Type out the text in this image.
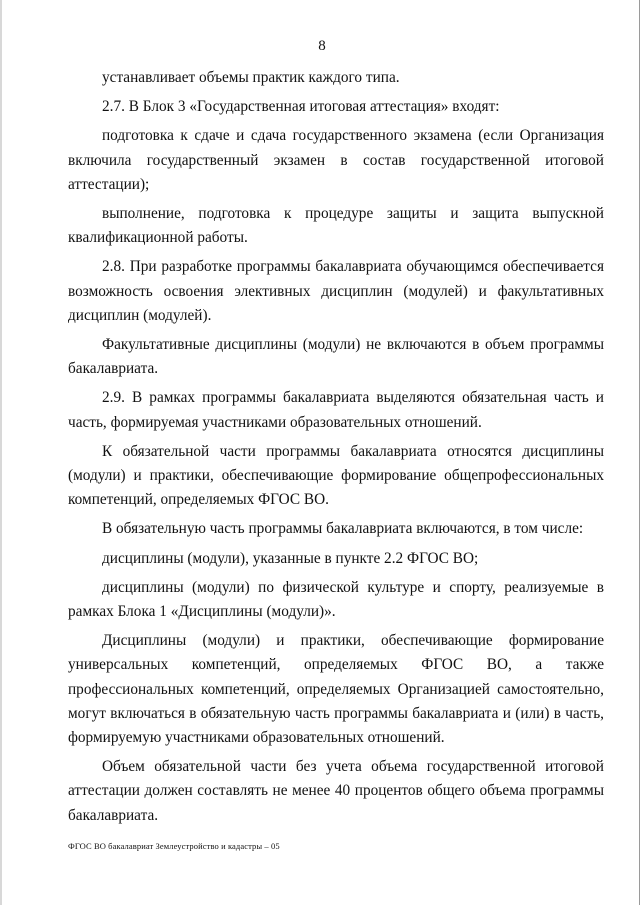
8

устанавливает объемы практик каждого типа.

2.7. В Блок 3 «Государственная итоговая аттестация» входят:

подготовка к сдаче и сдача государственного экзамена (если Организация включила государственный экзамен в состав государственной итоговой аттестации);

выполнение, подготовка к процедуре защиты и защита выпускной квалификационной работы.

2.8. При разработке программы бакалавриата обучающимся обеспечивается возможность освоения элективных дисциплин (модулей) и факультативных дисциплин (модулей).

Факультативные дисциплины (модули) не включаются в объем программы бакалавриата.

2.9. В рамках программы бакалавриата выделяются обязательная часть и часть, формируемая участниками образовательных отношений.

К обязательной части программы бакалавриата относятся дисциплины (модули) и практики, обеспечивающие формирование общепрофессиональных компетенций, определяемых ФГОС ВО.

В обязательную часть программы бакалавриата включаются, в том числе:

дисциплины (модули), указанные в пункте 2.2 ФГОС ВО;

дисциплины (модули) по физической культуре и спорту, реализуемые в рамках Блока 1 «Дисциплины (модули)».

Дисциплины (модули) и практики, обеспечивающие формирование универсальных компетенций, определяемых ФГОС ВО, а также профессиональных компетенций, определяемых Организацией самостоятельно, могут включаться в обязательную часть программы бакалавриата и (или) в часть, формируемую участниками образовательных отношений.

Объем обязательной части без учета объема государственной итоговой аттестации должен составлять не менее 40 процентов общего объема программы бакалавриата.

ФГОС ВО бакалавриат Землеустройство и кадастры – 05
